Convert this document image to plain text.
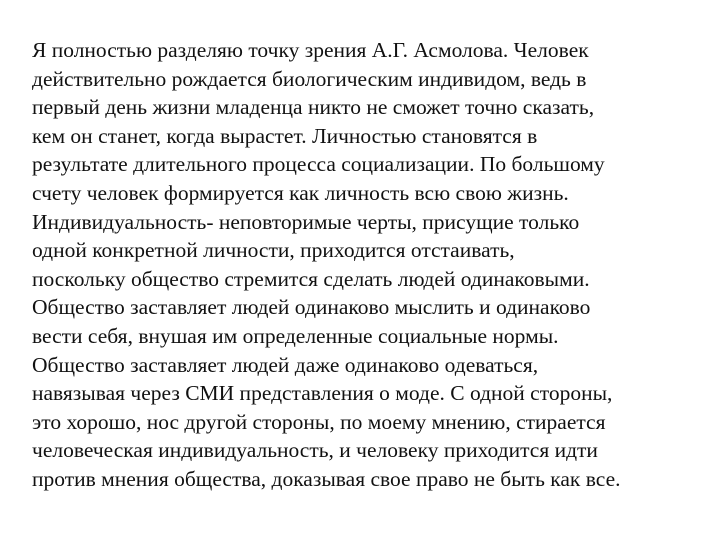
Я полностью разделяю точку зрения А.Г. Асмолова. Человек
действительно рождается биологическим индивидом, ведь в
первый день жизни младенца никто не сможет точно сказать,
кем он станет, когда вырастет. Личностью становятся в
результате длительного процесса социализации. По большому
счету человек формируется как личность всю свою жизнь.
Индивидуальность- неповторимые черты, присущие только
одной конкретной личности, приходится отстаивать,
поскольку общество стремится сделать людей одинаковыми.
Общество заставляет людей одинаково мыслить и одинаково
вести себя, внушая им определенные социальные нормы.
Общество заставляет людей даже одинаково одеваться,
навязывая через СМИ представления о моде. С одной стороны,
это хорошо, нос другой стороны, по моему мнению, стирается
человеческая индивидуальность, и человеку приходится идти
против мнения общества, доказывая свое право не быть как все.
